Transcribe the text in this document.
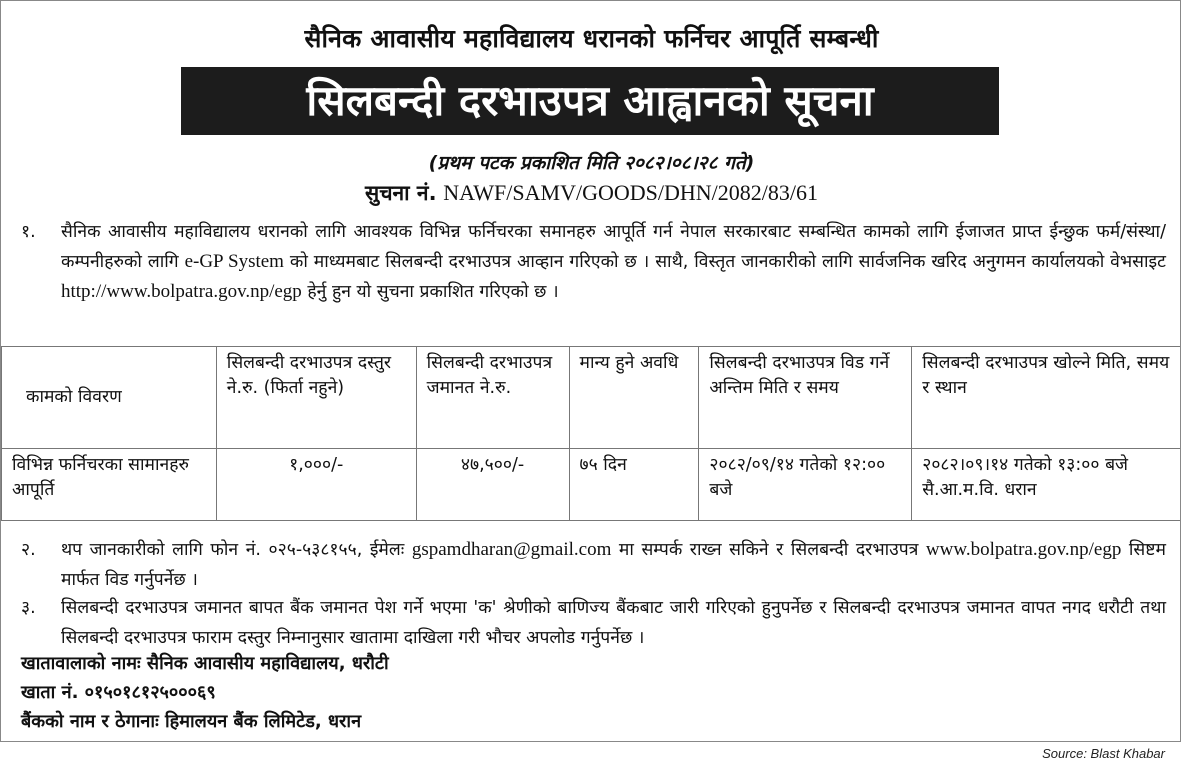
सैनिक आवासीय महाविद्यालय धरानको फर्निचर आपूर्ति सम्बन्धी
सिलबन्दी दरभाउपत्र आह्वानको सूचना
(प्रथम पटक प्रकाशित मिति २०८२।०८।२८ गते)
सुचना नं. NAWF/SAMV/GOODS/DHN/2082/83/61
१.	सैनिक आवासीय महाविद्यालय धरानको लागि आवश्यक विभिन्न फर्निचरका समानहरु आपूर्ति गर्न नेपाल सरकारबाट सम्बन्धित कामको लागि ईजाजत प्राप्त ईन्छुक फर्म/संस्था/ कम्पनीहरुको लागि e-GP System को माध्यमबाट सिलबन्दी दरभाउपत्र आव्हान गरिएको छ । साथै, विस्तृत जानकारीको लागि सार्वजनिक खरिद अनुगमन कार्यालयको वेभसाइट http://www.bolpatra.gov.np/egp हेर्नु हुन यो सुचना प्रकाशित गरिएको छ ।
कामको विवरण	सिलबन्दी दरभाउपत्र दस्तुर ने.रु. (फिर्ता नहुने)	सिलबन्दी दरभाउपत्र जमानत ने.रु.	मान्य हुने अवधि	सिलबन्दी दरभाउपत्र विड गर्ने अन्तिम मिति र समय	सिलबन्दी दरभाउपत्र खोल्ने मिति, समय र स्थान
विभिन्न फर्निचरका सामानहरु आपूर्ति	१,०००/-	४७,५००/-	७५ दिन	२०८२/०९/१४ गतेको १२:०० बजे	२०८२।०९।१४ गतेको १३:०० बजे सै.आ.म.वि. धरान
२.	थप जानकारीको लागि फोन नं. ०२५-५३८१५५, ईमेलः gspamdharan@gmail.com मा सम्पर्क राख्न सकिने र सिलबन्दी दरभाउपत्र www.bolpatra.gov.np/egp सिष्टम मार्फत विड गर्नुपर्नेछ ।
३.	सिलबन्दी दरभाउपत्र जमानत बापत बैंक जमानत पेश गर्ने भएमा 'क' श्रेणीको बाणिज्य बैंकबाट जारी गरिएको हुनुपर्नेछ र सिलबन्दी दरभाउपत्र जमानत वापत नगद धरौटी तथा सिलबन्दी दरभाउपत्र फाराम दस्तुर निम्नानुसार खातामा दाखिला गरी भौचर अपलोड गर्नुपर्नेछ ।
खातावालाको नामः सैनिक आवासीय महाविद्यालय, धरौटी
खाता नं. ०१५०१८१२५०००६९
बैंकको नाम र ठेगानाः हिमालयन बैंक लिमिटेड, धरान
Source: Blast Khabar
